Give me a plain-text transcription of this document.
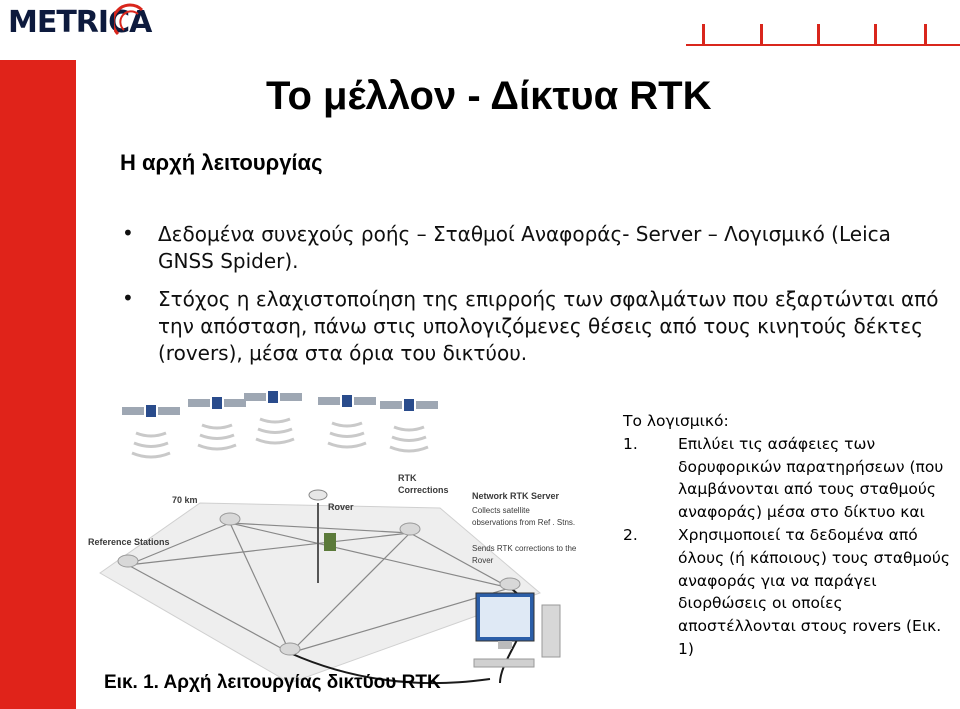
METRICA
Το μέλλον - Δίκτυα RTK
Η αρχή λειτουργίας
• Δεδομένα συνεχούς ροής – Σταθμοί Αναφοράς- Server – Λογισμικό (Leica GNSS Spider).
• Στόχος η ελαχιστοποίηση της επιρροής των σφαλμάτων που εξαρτώνται από την απόσταση, πάνω στις υπολογιζόμενες θέσεις από τους κινητούς δέκτες (rovers), μέσα στα όρια του δικτύου.
70 km
RTK
Corrections
Rover
Network RTK Server
Collects satellite
observations from Ref . Stns.
Reference Stations
Sends RTK corrections to the
Rover
Εικ. 1. Αρχή λειτουργίας δικτύου RTK
Το λογισμικό:
1.	Επιλύει τις ασάφειες των δορυφορικών παρατηρήσεων (που λαμβάνονται από τους σταθμούς αναφοράς) μέσα στο δίκτυο και
2.	Χρησιμοποιεί τα δεδομένα από όλους (ή κάποιους) τους σταθμούς αναφοράς για να παράγει διορθώσεις οι οποίες αποστέλλονται στους rovers (Εικ. 1)
